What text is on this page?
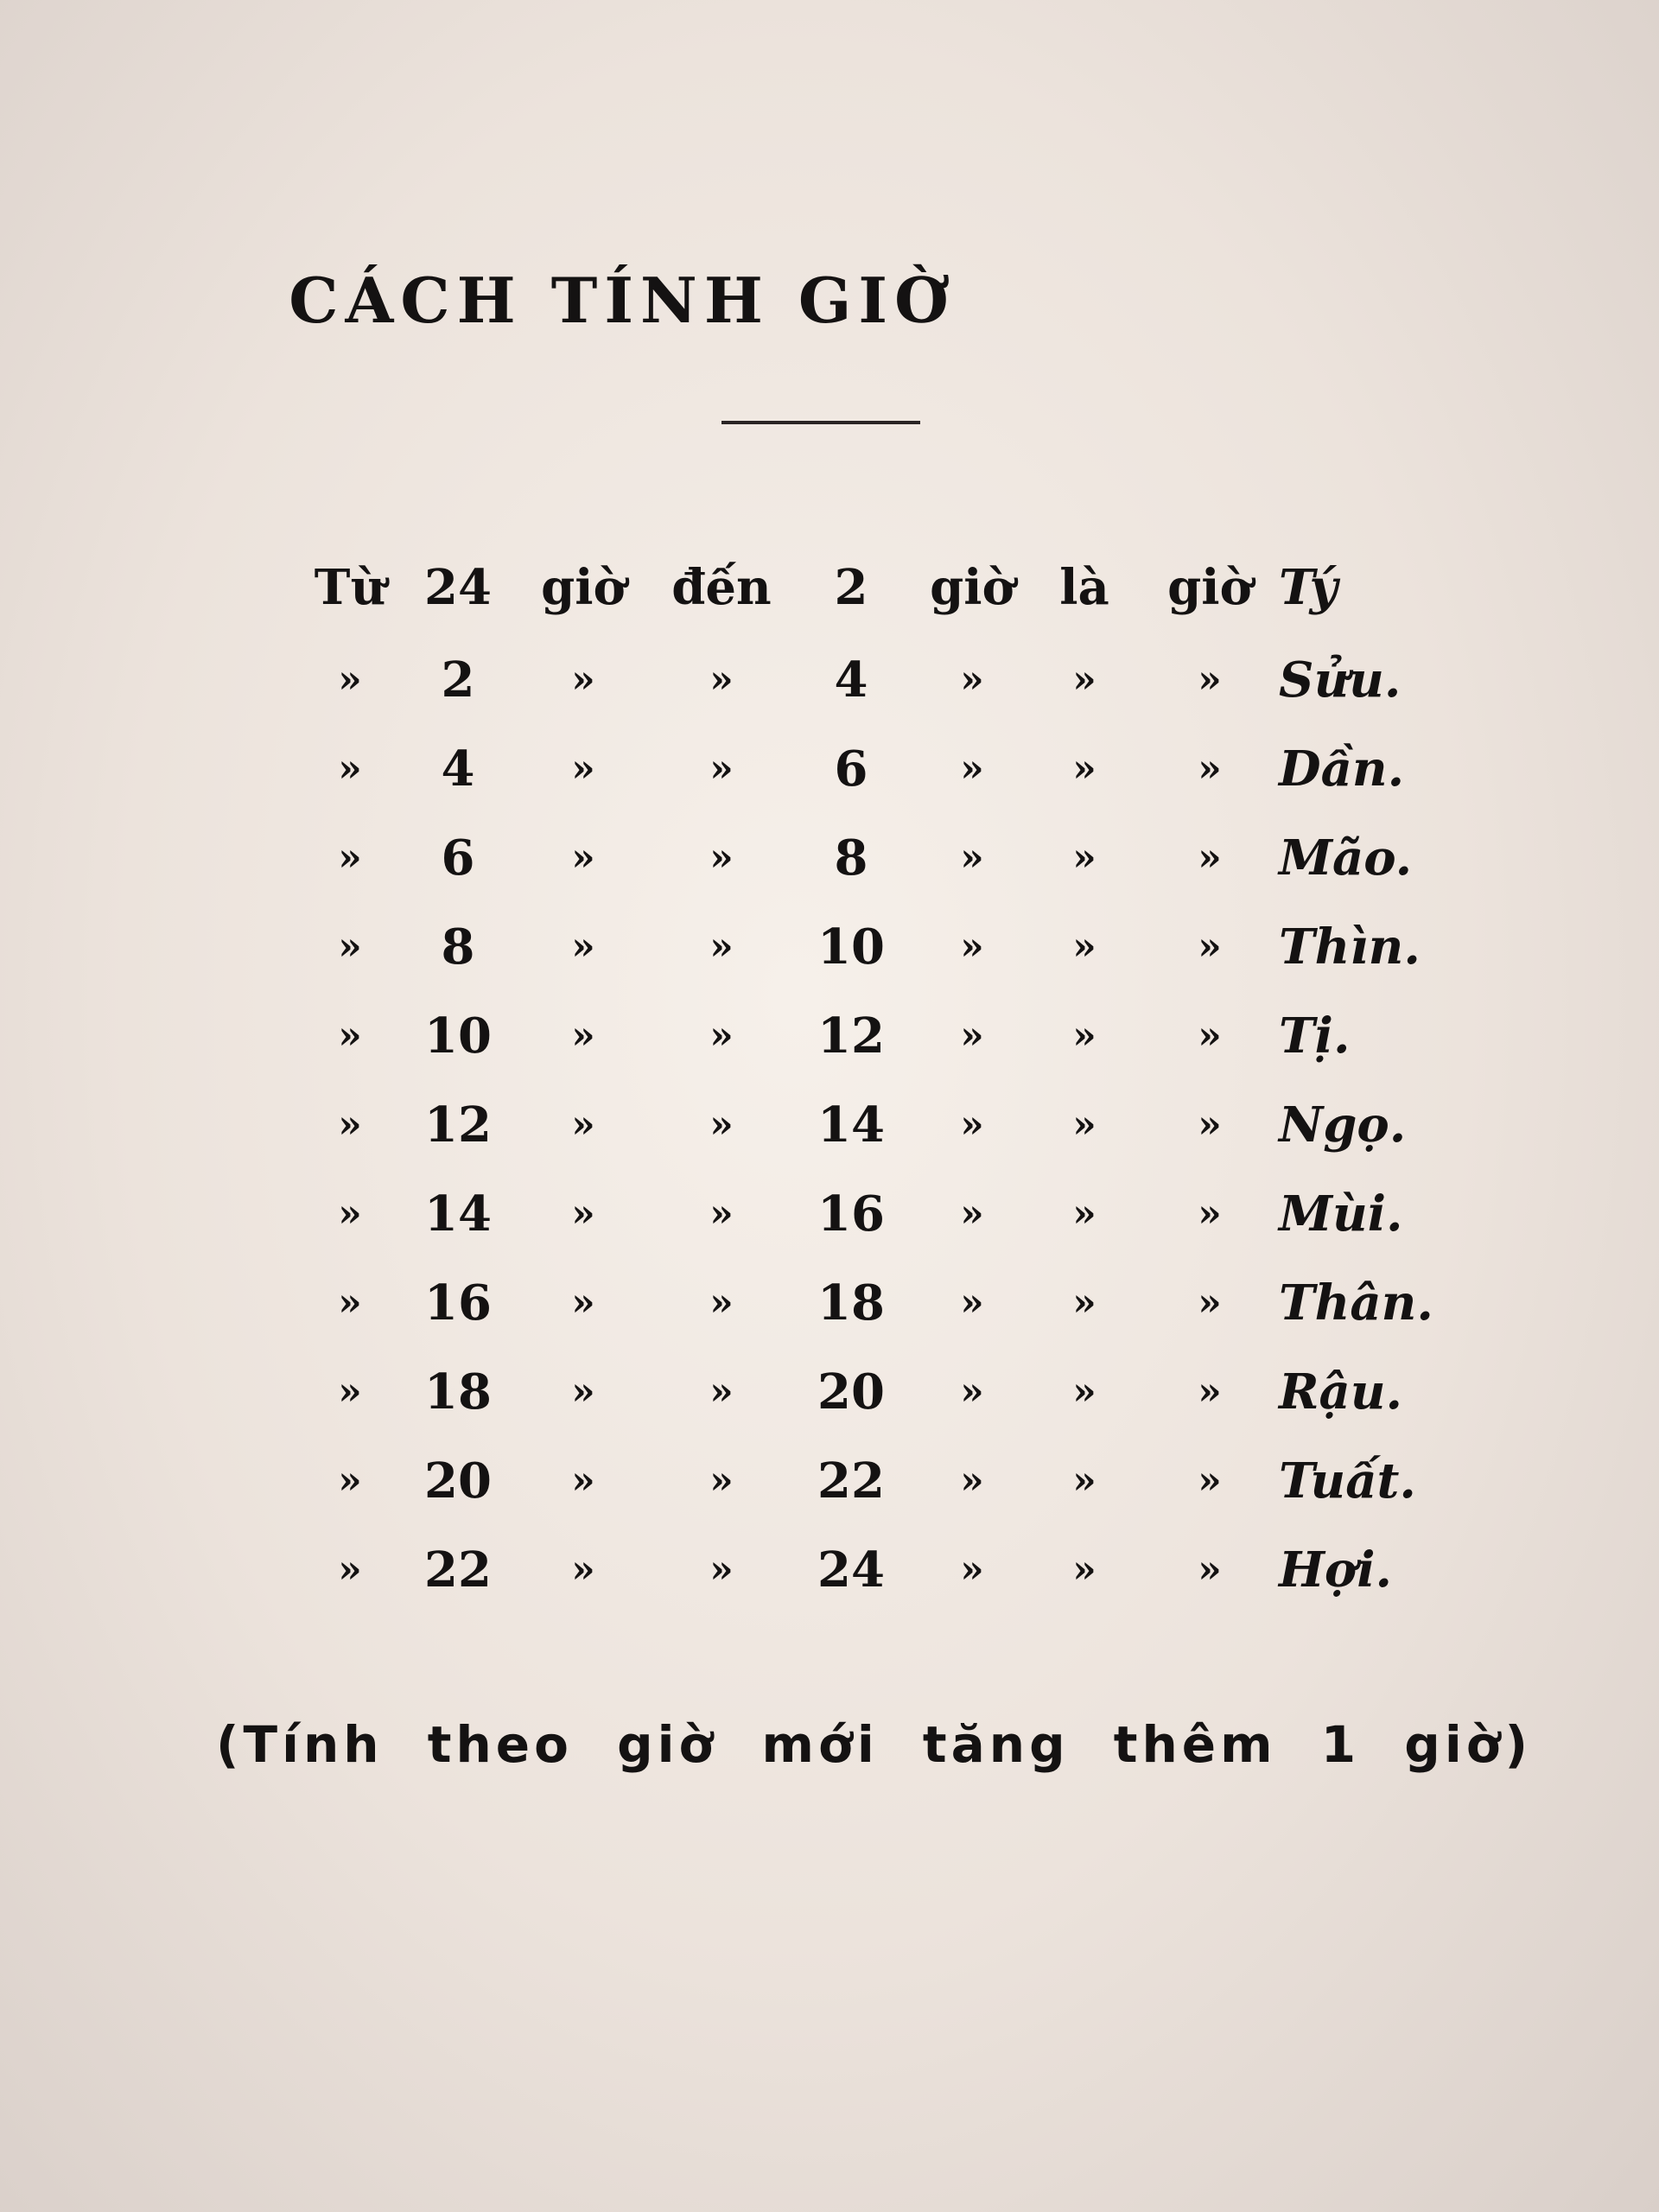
CÁCH TÍNH GIỜ
Từ	24	giờ	đến	2	giờ	là	giờ	Tý
»	2	»	»	4	»	»	»	Sửu.
»	4	»	»	6	»	»	»	Dần.
»	6	»	»	8	»	»	»	Mão.
»	8	»	»	10	»	»	»	Thìn.
»	10	»	»	12	»	»	»	Tị.
»	12	»	»	14	»	»	»	Ngọ.
»	14	»	»	16	»	»	»	Mùi.
»	16	»	»	18	»	»	»	Thân.
»	18	»	»	20	»	»	»	Rậu.
»	20	»	»	22	»	»	»	Tuất.
»	22	»	»	24	»	»	»	Hợi.
(Tính theo giờ mới tăng thêm 1 giờ)
